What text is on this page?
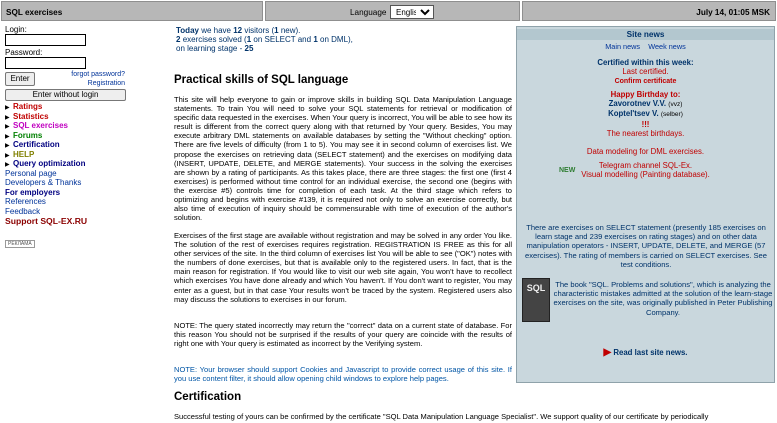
SQL exercises	Language
English	July 14, 01:05 MSK
Login:
Password:
Enter	forgot password?
Registration
Enter without login
▶ Ratings
▶ Statistics
▶ SQL exercises
▶ Forums
▶ Certification
▶ HELP
▶ Query optimization
Personal page
Developers & Thanks
For employers
References
Feedback
Support SQL-EX.RU
РЕКЛАМА
Today we have 12 visitors (1 new).
2 exercises solved (1 on SELECT and 1 on DML),
on learning stage - 25
Practical skills of SQL language

This site will help everyone to gain or improve skills in building SQL Data Manipulation Language statements. To train You will need to solve your SQL statements for retrieval or modification of specific data requested in the exercises. When Your query is incorrect, You will be able to see how its result is different from the correct query along with that returned by Your query. Besides, You may execute arbitrary DML statements on available databases by setting the "Without checking" option. There are five levels of difficulty (from 1 to 5). You may see it in second column of exercises list. We propose the exercises on retrieving data (SELECT statement) and the exercises on modifying data (INSERT, UPDATE, DELETE, and MERGE statements). Your success in the solving the exercises are shown by a rating of participants. As this takes place, there are three stages: the first one (first 4 exercises) is performed without time control for an individual exercise, the second one (begins with the exercise #5) controls time for completion of each task. At the third stage which refers to optimizing and begins with exercise #139, it is required not only to solve an exercise correctly, but also time of execution of inquiry should be commensurable with time of execution of the author's solution.

Exercises of the first stage are available without registration and may be solved in any order You like. The solution of the rest of exercises requires registration. REGISTRATION IS FREE as this for all other services of the site. In the third column of exercises list You will be able to see ("OK") notes with the numbers of done exercises, but that is available only to the registered users. In fact, that is the main reason for registration. If You would like to visit our web site again, You won't have to recollect which exercises You have done already and which You haven't. If You don't want to register, You may enter as a guest, but in that case Your results won't be traced by the system. Registered users also may discuss the solutions to exercises in our forum.

NOTE: The query stated incorrectly may return the "correct" data on a current state of database. For this reason You should not be surprised if the results of your query are coincide with the results of right one with Your query is estimated as incorrect by the Verifying system.

NOTE: Your browser should support Cookies and Javascript to provide correct usage of this site. If you use content filter, it should allow opening child windows to explore help pages.

Certification

Successful testing of yours can be confirmed by the certificate "SQL Data Manipulation Language Specialist". We support quality of our certificate by periodically

Site news
Main news Week news
Certified within this week:
Last certified.
Confirm certificate
Happy Birthday to:
Zavorotnev V.V. (vvz)
Koptel'tsev V. (selber)
!!!
The nearest birthdays.
Data modeling for DML exercises.
Telegram channel SQL-Ex.
NEW Visual modelling (Painting database).
There are exercises on SELECT statement (presently 185 exercises on learn stage and 239 exercises on rating stages) and on other data manipulation operators - INSERT, UPDATE, DELETE, and MERGE (57 exercises). The rating of members is carried on SELECT exercises. See test conditions.
SQL	The book "SQL. Problems and solutions", which is analyzing the characteristic mistakes admitted at the solution of the learn-stage exercises on the site, was originally published in Peter Publishing Company.
▶ Read last site news.
